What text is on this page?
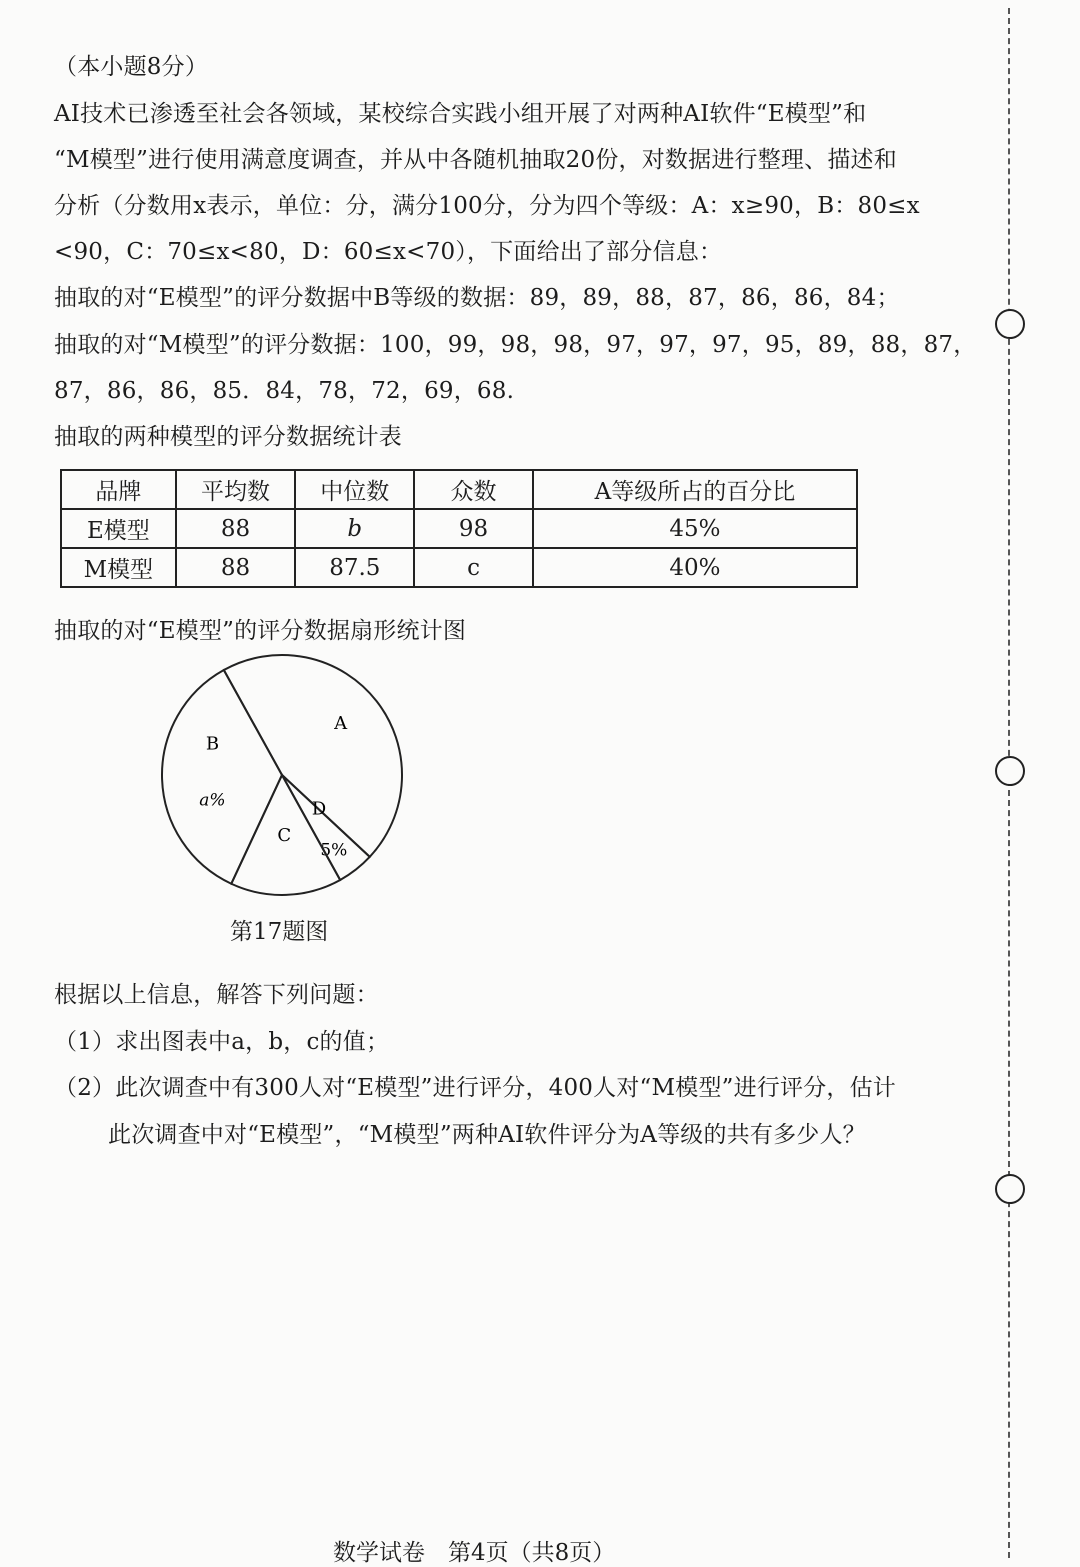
（本小题8分）
AI技术已渗透至社会各领域，某校综合实践小组开展了对两种AI软件“E模型”和
“M模型”进行使用满意度调查，并从中各随机抽取20份，对数据进行整理、描述和
分析（分数用x表示，单位：分，满分100分，分为四个等级：A：x≥90，B：80≤x
<90，C：70≤x<80，D：60≤x<70），下面给出了部分信息：
抽取的对“E模型”的评分数据中B等级的数据：89，89，88，87，86，86，84；
抽取的对“M模型”的评分数据：100，99，98，98，97，97，97，95，89，88，87，
87，86，86，85．84，78，72，69，68.
抽取的两种模型的评分数据统计表
品牌	平均数	中位数	众数	A等级所占的百分比
E模型	88	b	98	45%
M模型	88	87.5	c	40%
抽取的对“E模型”的评分数据扇形统计图
A
D
5%
C
B
a%
第17题图
根据以上信息，解答下列问题：
（1）求出图表中a，b，c的值；
（2）此次调查中有300人对“E模型”进行评分，400人对“M模型”进行评分，估计
此次调查中对“E模型”，“M模型”两种AI软件评分为A等级的共有多少人？
数学试卷　第4页（共8页）
